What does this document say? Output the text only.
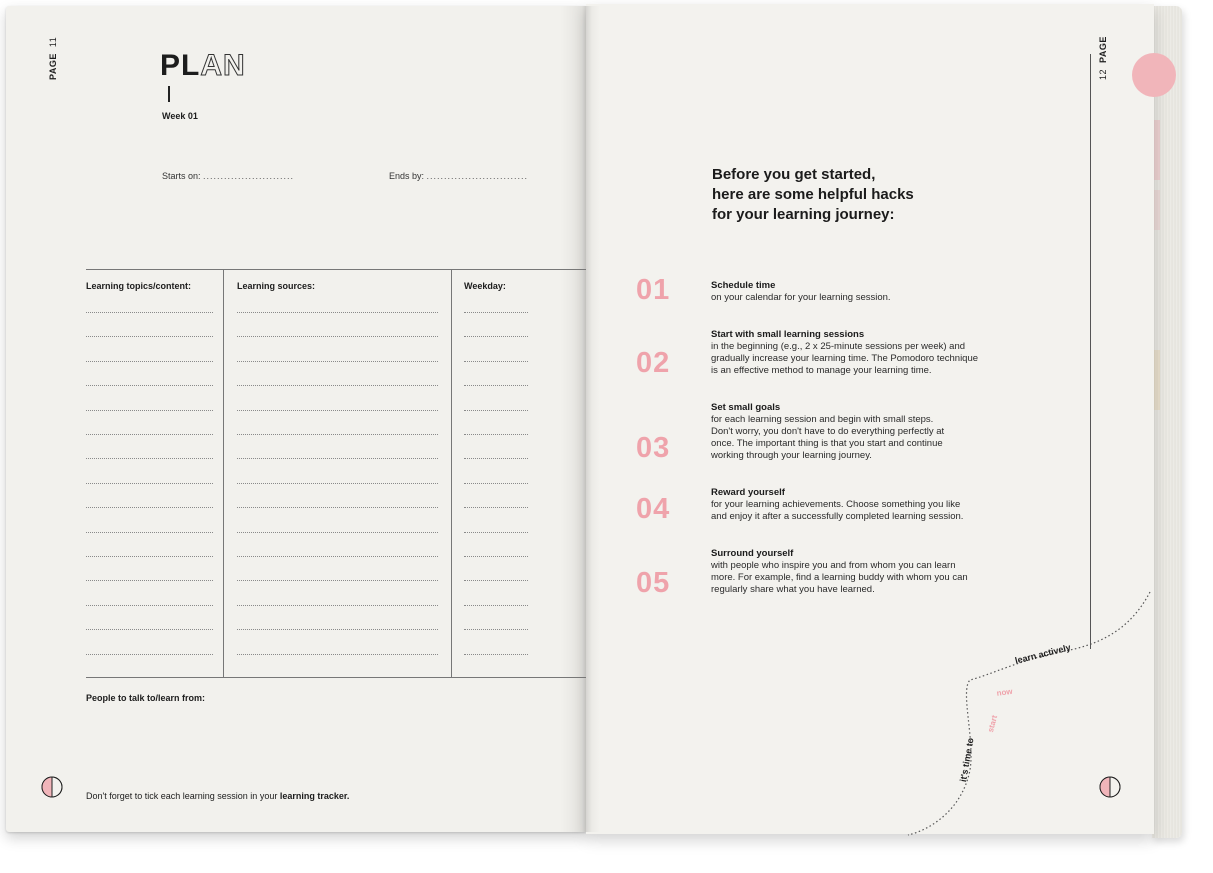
PAGE 11
PLAN
Week 01
Starts on: ..........................	Ends by: .............................
Learning topics/content:	Learning sources:	Weekday:
People to talk to/learn from:
Don't forget to tick each learning session in your learning tracker.
12 PAGE
Before you get started,
here are some helpful hacks
for your learning journey:
01	Schedule time
on your calendar for your learning session.
02
Start with small learning sessions
in the beginning (e.g., 2 x 25-minute sessions per week) and
gradually increase your learning time. The Pomodoro technique
is an effective method to manage your learning time.
03
Set small goals
for each learning session and begin with small steps.
Don't worry, you don't have to do everything perfectly at
once. The important thing is that you start and continue
working through your learning journey.
04
Reward yourself
for your learning achievements. Choose something you like
and enjoy it after a successfully completed learning session.
05
Surround yourself
with people who inspire you and from whom you can learn
more. For example, find a learning buddy with whom you can
regularly share what you have learned.
learn actively
now
start
it's time to
